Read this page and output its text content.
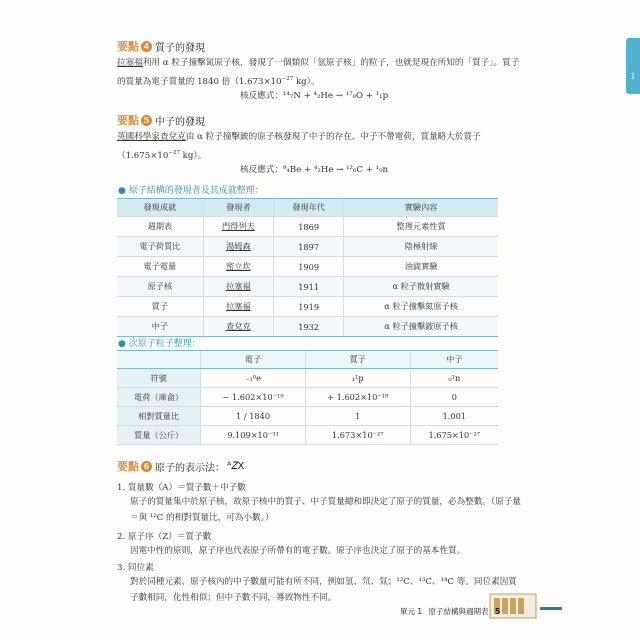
1
要點 4 質子的發現
拉塞福利用 α 粒子撞擊氮原子核，發現了一個類似「氫原子核」的粒子，也就是現在所知的「質子」。質子的質量為電子質量的 1840 倍（$1.673\times 10^{-27}$ kg）。
核反應式：¹⁴₇N + ⁴₂He → ¹⁷₈O + ¹₁p
要點 5 中子的發現
英國科學家查兌克由 α 粒子撞擊鈹的原子核發現了中子的存在。中子不帶電荷，質量略大於質子（$1.675\times 10^{-27}$ kg）。
核反應式：⁹₄Be + ⁴₂He → ¹²₆C + ¹₀n
● 原子結構的發現者及其成就整理：
發現成就	發現者	發現年代	實驗內容
週期表	門得列夫	1869	整理元素性質
電子荷質比	湯姆森	1897	陰極射線
電子電量	密立坎	1909	油滴實驗
原子核	拉塞福	1911	α 粒子散射實驗
質子	拉塞福	1919	α 粒子撞擊氮原子核
中子	查兌克	1932	α 粒子撞擊鈹原子核
● 次原子粒子整理：
	電子	質子	中子
符號	₋₁⁰e	₁¹p	₀¹n
電荷（庫侖）	− 1.602×10⁻¹⁹	+ 1.602×10⁻¹⁹	0
相對質量比	1 / 1840	1	1.001
質量（公斤）	9.109×10⁻³¹	1.673×10⁻²⁷	1.675×10⁻²⁷
要點 6 原子的表示法： ᴬ𝑍X
1. 質量數（A）＝質子數＋中子數
原子的質量集中於原子核，故原子核中的質子、中子質量總和即決定了原子的質量，必為整數。（原子量＝與 ¹²C 的相對質量比，可為小數。）
2. 原子序（Z）＝質子數
因電中性的原則，原子序也代表原子所帶有的電子數。原子序也決定了原子的基本性質。
3. 同位素
對於同種元素，原子核內的中子數量可能有所不同，例如氫、氘、氚；¹²C、¹³C、¹⁴C 等。同位素因質子數相同，化性相似；但中子數不同，導致物性不同。
單元 1 原子結構與週期表 5
